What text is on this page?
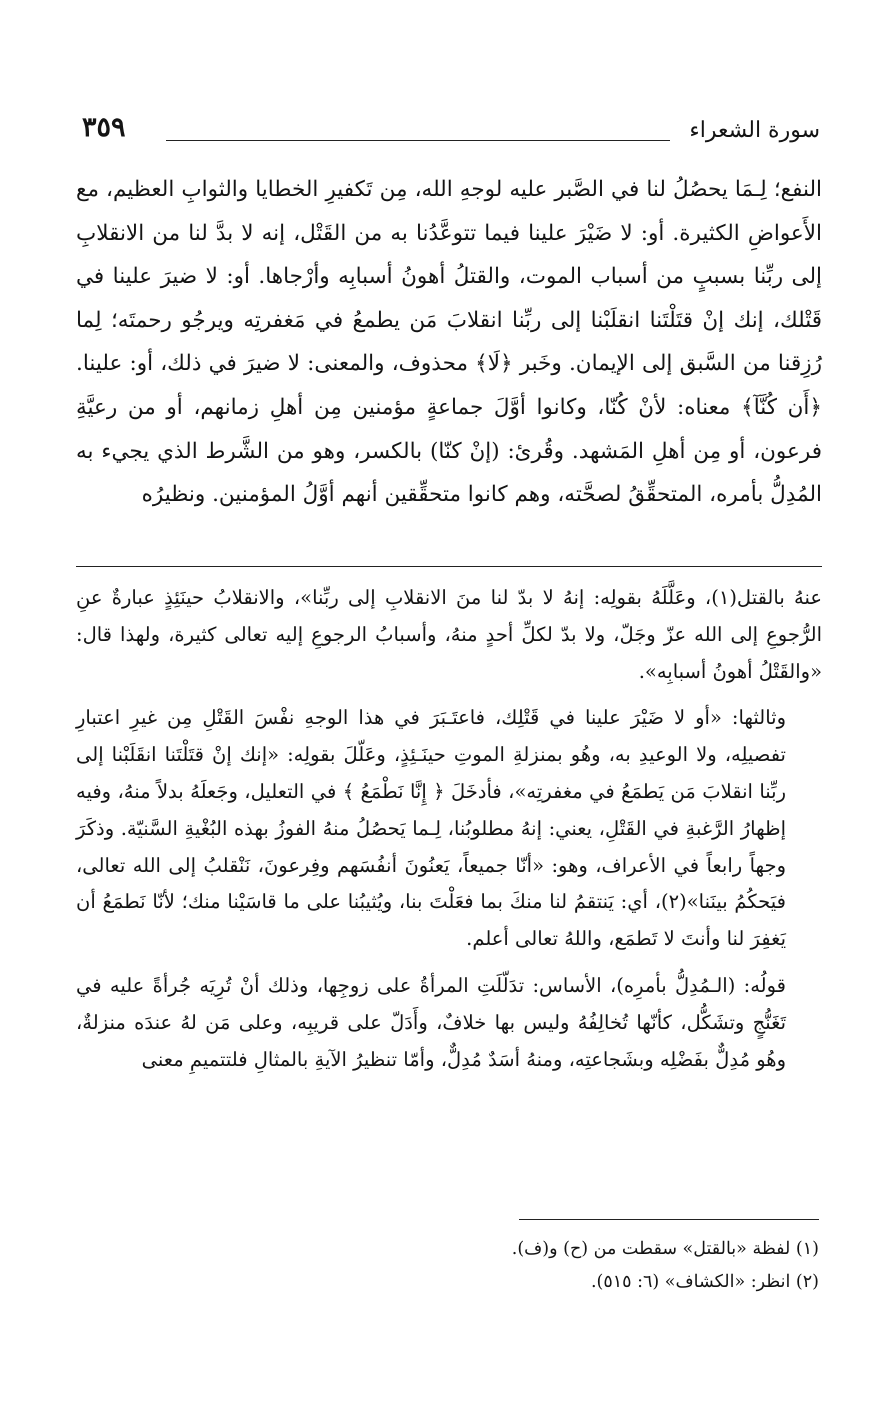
سورة الشعراء
٣٥٩

النفع؛ لِـمَا يحصُلُ لنا في الصَّبر عليه لوجهِ الله، مِن تَكفيرِ الخطايا والثوابِ العظيم، مع الأَعواضِ الكثيرة. أو: لا ضَيْرَ علينا فيما تتوعَّدُنا به من القَتْل، إنه لا بدَّ لنا من الانقلابِ إلى ربِّنا بسببٍ من أسباب الموت، والقتلُ أهونُ أسبابِه وأرْجاها. أو: لا ضيرَ علينا في قَتْلك، إنك إنْ قتَلْتَنا انقلَبْنا إلى ربِّنا انقلابَ مَن يطمعُ في مَغفرتِه ويرجُو رحمتَه؛ لِما رُزِقنا من السَّبق إلى الإيمان. وخَبر ﴿لَا﴾ محذوف، والمعنى: لا ضيرَ في ذلك، أو: علينا. ﴿أَن كُنَّآ﴾ معناه: لأنْ كُنّا، وكانوا أوَّلَ جماعةٍ مؤمنين مِن أهلِ زمانهم، أو من رعيَّةِ فرعون، أو مِن أهلِ المَشهد. وقُرئ: (إنْ كنّا) بالكسر، وهو من الشَّرط الذي يجيء به المُدِلُّ بأمره، المتحقِّقُ لصحَّته، وهم كانوا متحقِّقين أنهم أوَّلُ المؤمنين. ونظيرُه

عنهُ بالقتل(١)، وعَلَّلَهُ بقولِه: إنهُ لا بدّ لنا منَ الانقلابِ إلى ربِّنا»، والانقلابُ حينَئِذٍ عبارةٌ عنِ الرُّجوعِ إلى الله عزّ وجَلّ، ولا بدّ لكلِّ أحدٍ منهُ، وأسبابُ الرجوعِ إليه تعالى كثيرة، ولهذا قال: «والقَتْلُ أهونُ أسبابِه».

وثالثها: «أو لا ضَيْرَ علينا في قَتْلِك، فاعتَـبَرَ في هذا الوجهِ نفْسَ القَتْلِ مِن غيرِ اعتبارِ تفصيلِه، ولا الوعيدِ به، وهُو بمنزلةِ الموتِ حينَـئِذٍ، وعَلّلَ بقولِه: «إنك إنْ قتَلْتَنا انقَلَبْنا إلى ربِّنا انقلابَ مَن يَطمَعُ في مغفرتِه»، فأدخَلَ ﴿ إِنَّا نَطْمَعُ ﴾ في التعليل، وجَعلَهُ بدلاً منهُ، وفيه إظهارُ الرَّغبةِ في القَتْلِ، يعني: إنهُ مطلوبُنا، لِـما يَحصُلُ منهُ الفوزُ بهذه البُغْيةِ السَّنيّة. وذكَرَ وجهاً رابعاً في الأعراف، وهو: «أنّا جميعاً، يَعنُونَ أنفُسَهم وفِرعونَ، نَنْقلبُ إلى الله تعالى، فيَحكُمُ بينَنا»(٢)، أي: يَنتقمُ لنا منكَ بما فعَلْتَ بنا، ويُثيبُنا على ما قاسَيْنا منك؛ لأنّا نَطمَعُ أن يَغفِرَ لنا وأنتَ لا تَطمَع، واللهُ تعالى أعلم.

قولُه: (الـمُدِلُّ بأمرِه)، الأساس: تدَلّلَتِ المرأةُ على زوجِها، وذلك أنْ تُرِيَه جُرأةً عليه في تَغَنُّجٍ وتشَكُّل، كأنّها تُخالِفُهُ وليس بها خلافٌ، وأَدَلّ على قريبِه، وعلى مَن لهُ عندَه منزلةٌ، وهُو مُدِلٌّ بفَضْلِه وبشَجاعتِه، ومنهُ أسَدٌ مُدِلٌّ، وأمّا تنظيرُ الآيةِ بالمثالِ فلتتميمِ معنى

(١) لفظة «بالقتل» سقطت من (ح) و(ف).
(٢) انظر: «الكشاف» (٦: ٥١٥).
